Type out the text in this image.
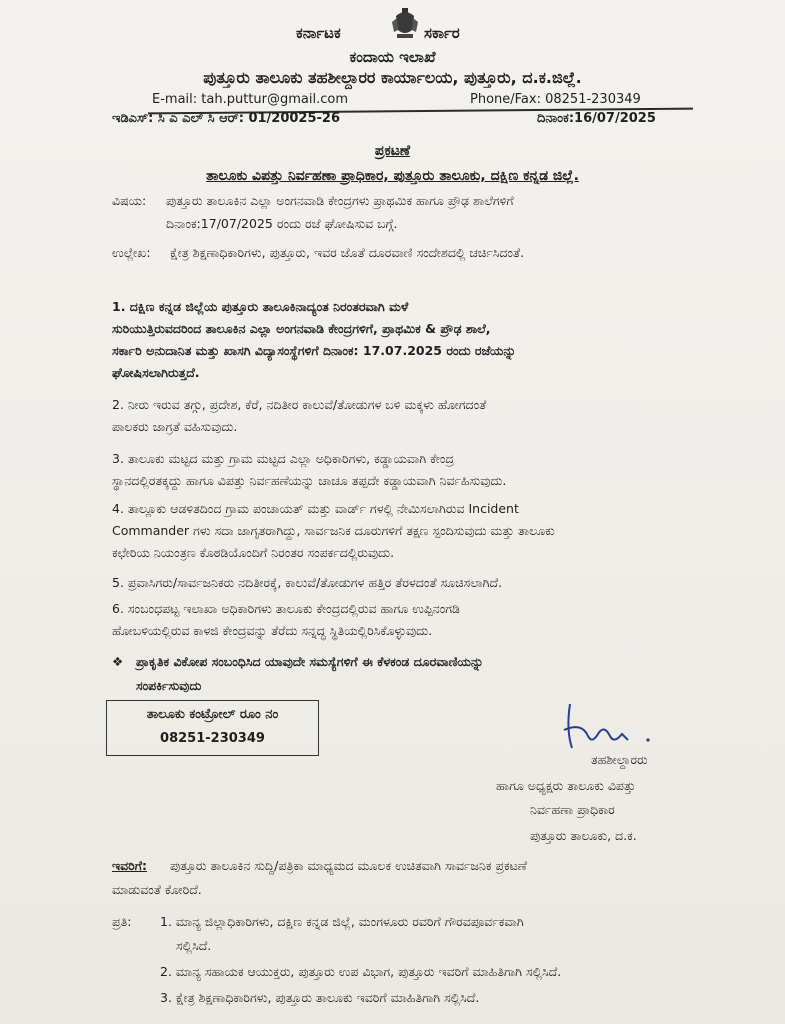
ಕರ್ನಾಟಕ	ಸರ್ಕಾರ
ಕಂದಾಯ ಇಲಾಖೆ
ಪುತ್ತೂರು ತಾಲೂಕು ತಹಶೀಲ್ದಾರರ ಕಾರ್ಯಾಲಯ, ಪುತ್ತೂರು, ದ.ಕ.ಜಿಲ್ಲೆ.
E-mail: tah.puttur@gmail.com	Phone/Fax: 08251-230349
ಇಡಿಎಸ್: ಸಿ ಎ ಎಲ್ ಸಿ ಆರ್: 01/20025-26	ದಿನಾಂಕ:16/07/2025
ಪ್ರಕಟಣೆ
ತಾಲೂಕು ವಿಪತ್ತು ನಿರ್ವಹಣಾ ಪ್ರಾಧಿಕಾರ, ಪುತ್ತೂರು ತಾಲೂಕು, ದಕ್ಷಿಣ ಕನ್ನಡ ಜಿಲ್ಲೆ.
ವಿಷಯ: ಪುತ್ತೂರು ತಾಲೂಕಿನ ಎಲ್ಲಾ ಅಂಗನವಾಡಿ ಕೇಂದ್ರಗಳು ಪ್ರಾಥಮಿಕ ಹಾಗೂ ಪ್ರೌಢ ಶಾಲೆಗಳಿಗೆ
ದಿನಾಂಕ:17/07/2025 ರಂದು ರಜೆ ಘೋಷಿಸುವ ಬಗ್ಗೆ.
ಉಲ್ಲೇಖ: ಕ್ಷೇತ್ರ ಶಿಕ್ಷಣಾಧಿಕಾರಿಗಳು, ಪುತ್ತೂರು, ಇವರ ಜೊತೆ ದೂರವಾಣಿ ಸಂದೇಶದಲ್ಲಿ ಚರ್ಚಿಸಿದಂತೆ.
1. ದಕ್ಷಿಣ ಕನ್ನಡ ಜಿಲ್ಲೆಯ ಪುತ್ತೂರು ತಾಲೂಕಿನಾದ್ಯಂತ ನಿರಂತರವಾಗಿ ಮಳೆ
ಸುರಿಯುತ್ತಿರುವದರಿಂದ ತಾಲೂಕಿನ ಎಲ್ಲಾ ಅಂಗನವಾಡಿ ಕೇಂದ್ರಗಳಿಗೆ, ಪ್ರಾಥಮಿಕ & ಪ್ರೌಢ ಶಾಲೆ,
ಸರ್ಕಾರಿ ಅನುದಾನಿತ ಮತ್ತು ಖಾಸಗಿ ವಿದ್ಯಾಸಂಸ್ಥೆಗಳಿಗೆ ದಿನಾಂಕ: 17.07.2025 ರಂದು ರಜೆಯನ್ನು
ಘೋಷಿಸಲಾಗಿರುತ್ತದೆ.
2. ನೀರು ಇರುವ ತಗ್ಗು, ಪ್ರದೇಶ, ಕೆರೆ, ನದಿತೀರ ಕಾಲುವೆ/ತೋಡುಗಳ ಬಳಿ ಮಕ್ಕಳು ಹೋಗದಂತೆ
ಪಾಲಕರು ಜಾಗ್ರತೆ ವಹಿಸುವುದು.
3. ತಾಲೂಕು ಮಟ್ಟದ ಮತ್ತು ಗ್ರಾಮ ಮಟ್ಟದ ಎಲ್ಲಾ ಅಧಿಕಾರಿಗಳು, ಕಡ್ಡಾಯವಾಗಿ ಕೇಂದ್ರ
ಸ್ಥಾನದಲ್ಲಿರತಕ್ಕದ್ದು ಹಾಗೂ ವಿಪತ್ತು ನಿರ್ವಹಣೆಯನ್ನು ಚಾಚೂ ತಪ್ಪದೇ ಕಡ್ಡಾಯವಾಗಿ ನಿರ್ವಹಿಸುವುದು.
4. ತಾಲ್ಲೂಕು ಆಡಳಿತದಿಂದ ಗ್ರಾಮ ಪಂಚಾಯತ್ ಮತ್ತು ವಾರ್ಡ್ ಗಳಲ್ಲಿ ನೇಮಿಸಲಾಗಿರುವ Incident
Commander ಗಳು ಸದಾ ಜಾಗೃತರಾಗಿದ್ದು, ಸಾರ್ವಜನಿಕ ದೂರುಗಳಿಗೆ ತಕ್ಷಣ ಸ್ಪಂದಿಸುವುದು ಮತ್ತು ತಾಲೂಕು
ಕಛೇರಿಯ ನಿಯಂತ್ರಣ ಕೊಠಡಿಯೊಂದಿಗೆ ನಿರಂತರ ಸಂಪರ್ಕದಲ್ಲಿರುವುದು.
5. ಪ್ರವಾಸಿಗರು/ಸಾರ್ವಜನಿಕರು ನದಿತೀರಕ್ಕೆ, ಕಾಲುವೆ/ತೋಡುಗಳ ಹತ್ತಿರ ತೆರಳದಂತೆ ಸೂಚಿಸಲಾಗಿದೆ.
6. ಸಂಬಂಧಪಟ್ಟ ಇಲಾಖಾ ಅಧಿಕಾರಿಗಳು ತಾಲೂಕು ಕೇಂದ್ರದಲ್ಲಿರುವ ಹಾಗೂ ಉಪ್ಪಿನಂಗಡಿ
ಹೋಬಳಿಯಲ್ಲಿರುವ ಕಾಳಜಿ ಕೇಂದ್ರವನ್ನು ತೆರೆದು ಸನ್ನದ್ಧ ಸ್ಥಿತಿಯಲ್ಲಿರಿಸಿಕೊಳ್ಳುವುದು.
❖ ಪ್ರಾಕೃತಿಕ ವಿಕೋಪ ಸಂಬಂಧಿಸಿದ ಯಾವುದೇ ಸಮಸ್ಯೆಗಳಿಗೆ ಈ ಕೆಳಕಂಡ ದೂರವಾಣಿಯನ್ನು
ಸಂಪರ್ಕಿಸುವುದು
ತಾಲೂಕು ಕಂಟ್ರೋಲ್ ರೂಂ ನಂ
08251-230349
ತಹಶೀಲ್ದಾರರು
ಹಾಗೂ ಅಧ್ಯಕ್ಷರು ತಾಲೂಕು ವಿಪತ್ತು
ನಿರ್ವಹಣಾ ಪ್ರಾಧಿಕಾರ
ಪುತ್ತೂರು ತಾಲೂಕು, ದ.ಕ.
ಇವರಿಗೆ: ಪುತ್ತೂರು ತಾಲೂಕಿನ ಸುದ್ದಿ/ಪತ್ರಿಕಾ ಮಾಧ್ಯಮದ ಮೂಲಕ ಉಚಿತವಾಗಿ ಸಾರ್ವಜನಿಕ ಪ್ರಕಟಣೆ
ಮಾಡುವಂತೆ ಕೋರಿದೆ.
ಪ್ರತಿ: 1. ಮಾನ್ಯ ಜಿಲ್ಲಾಧಿಕಾರಿಗಳು, ದಕ್ಷಿಣ ಕನ್ನಡ ಜಿಲ್ಲೆ, ಮಂಗಳೂರು ರವರಿಗೆ ಗೌರವಪೂರ್ವಕವಾಗಿ
ಸಲ್ಲಿಸಿದೆ.
2. ಮಾನ್ಯ ಸಹಾಯಕ ಆಯುಕ್ತರು, ಪುತ್ತೂರು ಉಪ ವಿಭಾಗ, ಪುತ್ತೂರು ಇವರಿಗೆ ಮಾಹಿತಿಗಾಗಿ ಸಲ್ಲಿಸಿದೆ.
3. ಕ್ಷೇತ್ರ ಶಿಕ್ಷಣಾಧಿಕಾರಿಗಳು, ಪುತ್ತೂರು ತಾಲೂಕು ಇವರಿಗೆ ಮಾಹಿತಿಗಾಗಿ ಸಲ್ಲಿಸಿದೆ.
